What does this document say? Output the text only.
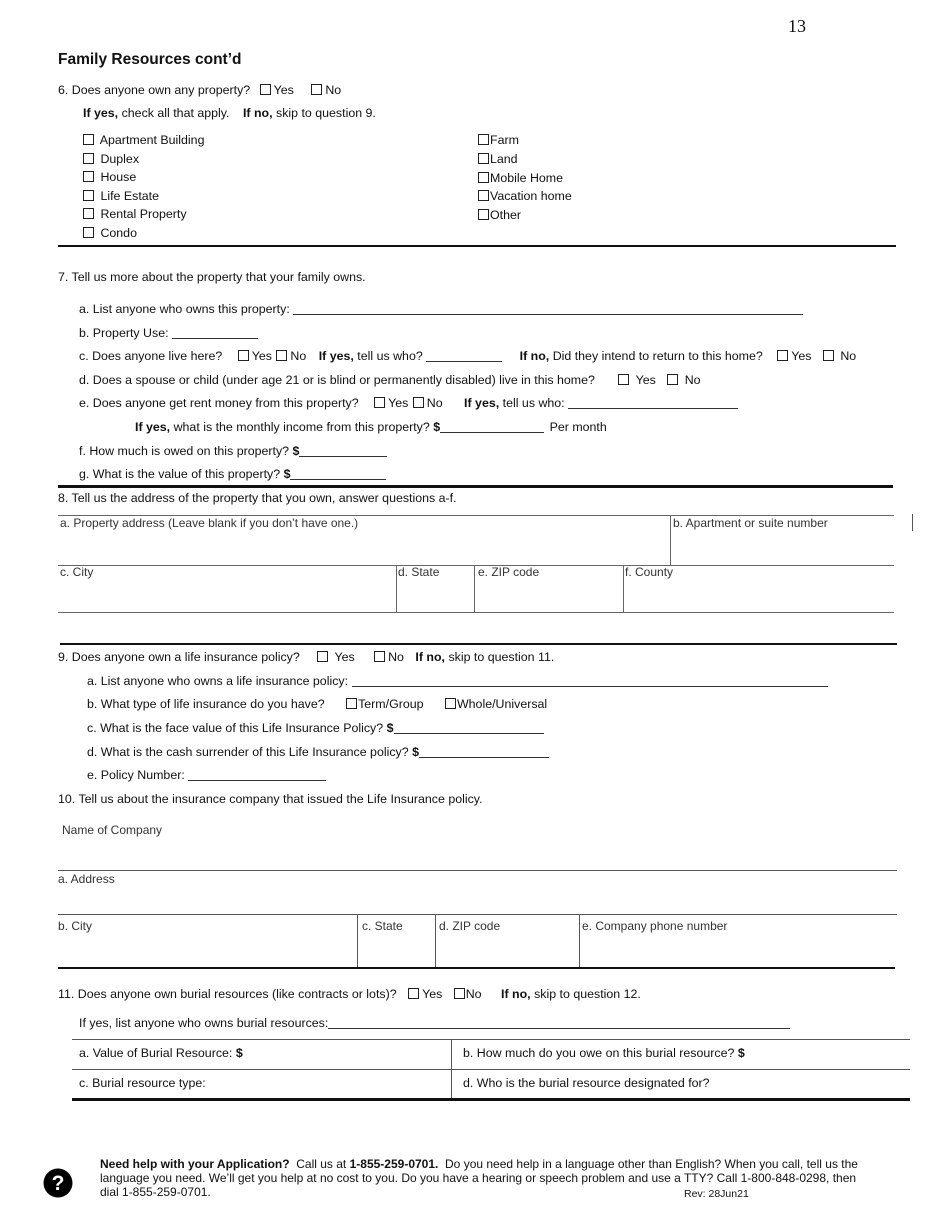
13
Family Resources cont’d
6. Does anyone own any property? Yes	No
If yes, check all that apply. If no, skip to question 9.
Apartment Building
Duplex
House
Life Estate
Rental Property
Condo
Farm
Land
Mobile Home
Vacation home
Other
7. Tell us more about the property that your family owns.
a. List anyone who owns this property:
b. Property Use:
c. Does anyone live here? Yes No If yes, tell us who?	If no, Did they intend to return to this home? Yes No
d. Does a spouse or child (under age 21 or is blind or permanently disabled) live in this home?	Yes No
e. Does anyone get rent money from this property? Yes No If yes, tell us who:
If yes, what is the monthly income from this property? $	Per month
f. How much is owed on this property? $
g. What is the value of this property? $
8. Tell us the address of the property that you own, answer questions a-f.
a. Property address (Leave blank if you don’t have one.)	b. Apartment or suite number
c. City	d. State	e. ZIP code	f. County
9. Does anyone own a life insurance policy?	Yes	No If no, skip to question 11.
a. List anyone who owns a life insurance policy:
b. What type of life insurance do you have?	Term/Group	Whole/Universal
c. What is the face value of this Life Insurance Policy? $
d. What is the cash surrender of this Life Insurance policy? $
e. Policy Number:
10. Tell us about the insurance company that issued the Life Insurance policy.
Name of Company
a. Address
b. City	c. State	d. ZIP code	e. Company phone number
11. Does anyone own burial resources (like contracts or lots)? Yes No If no, skip to question 12.
If yes, list anyone who owns burial resources:
a. Value of Burial Resource: $	b. How much do you owe on this burial resource? $
c. Burial resource type:	d. Who is the burial resource designated for?
?
Need help with your Application? Call us at 1-855-259-0701. Do you need help in a language other than English? When you call, tell us the
language you need. We’ll get you help at no cost to you. Do you have a hearing or speech problem and use a TTY? Call 1-800-848-0298, then
dial 1-855-259-0701.	Rev: 28Jun21
